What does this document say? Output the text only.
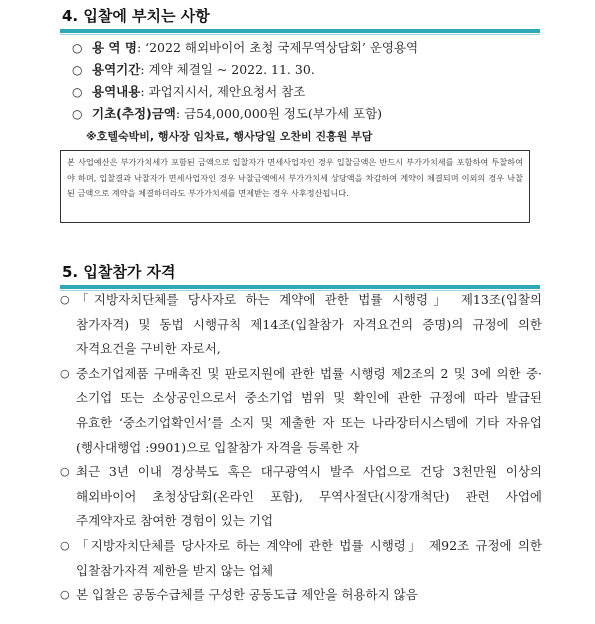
4. 입찰에 부치는 사항
○ 용 역 명: ‘2022 해외바이어 초청 국제무역상담회’ 운영용역
○ 용역기간: 계약 체결일 ~ 2022. 11. 30.
○ 용역내용: 과업지시서, 제안요청서 참조
○ 기초(추정)금액: 금54,000,000원 정도(부가세 포함)
※호텔숙박비, 행사장 임차료, 행사당일 오찬비 진흥원 부담
본 사업예산은 부가가치세가 포함된 금액으로 입찰자가 면세사업자인 경우 입찰금액은 반드시 부가가치세를 포함하여 투찰하여야 하며, 입찰결과 낙찰자가 면세사업자인 경우 낙찰금액에서 부가가치세 상당액을 차감하여 계약이 체결되며 이외의 경우 낙찰된 금액으로 계약을 체결하더라도 부가가치세를 면제받는 경우 사후정산됩니다.
5. 입찰참가 자격
○ 「지방자치단체를 당사자로 하는 계약에 관한 법률 시행령」 제13조(입찰의 참가자격) 및 동법 시행규칙 제14조(입찰참가 자격요건의 증명)의 규정에 의한 자격요건을 구비한 자로서,
○ 중소기업제품 구매촉진 및 판로지원에 관한 법률 시행령 제2조의 2 및 3에 의한 중·소기업 또는 소상공인으로서 중소기업 범위 및 확인에 관한 규정에 따라 발급된 유효한 ‘중소기업확인서’를 소지 및 제출한 자 또는 나라장터시스템에 기타 자유업(행사대행업 :9901)으로 입찰참가 자격을 등록한 자
○ 최근 3년 이내 경상북도 혹은 대구광역시 발주 사업으로 건당 3천만원 이상의 해외바이어 초청상담회(온라인 포함), 무역사절단(시장개척단) 관련 사업에 주계약자로 참여한 경험이 있는 기업
○ 「지방자치단체를 당사자로 하는 계약에 관한 법률 시행령」 제92조 규정에 의한 입찰참가자격 제한을 받지 않는 업체
○ 본 입찰은 공동수급체를 구성한 공동도급 제안을 허용하지 않음
